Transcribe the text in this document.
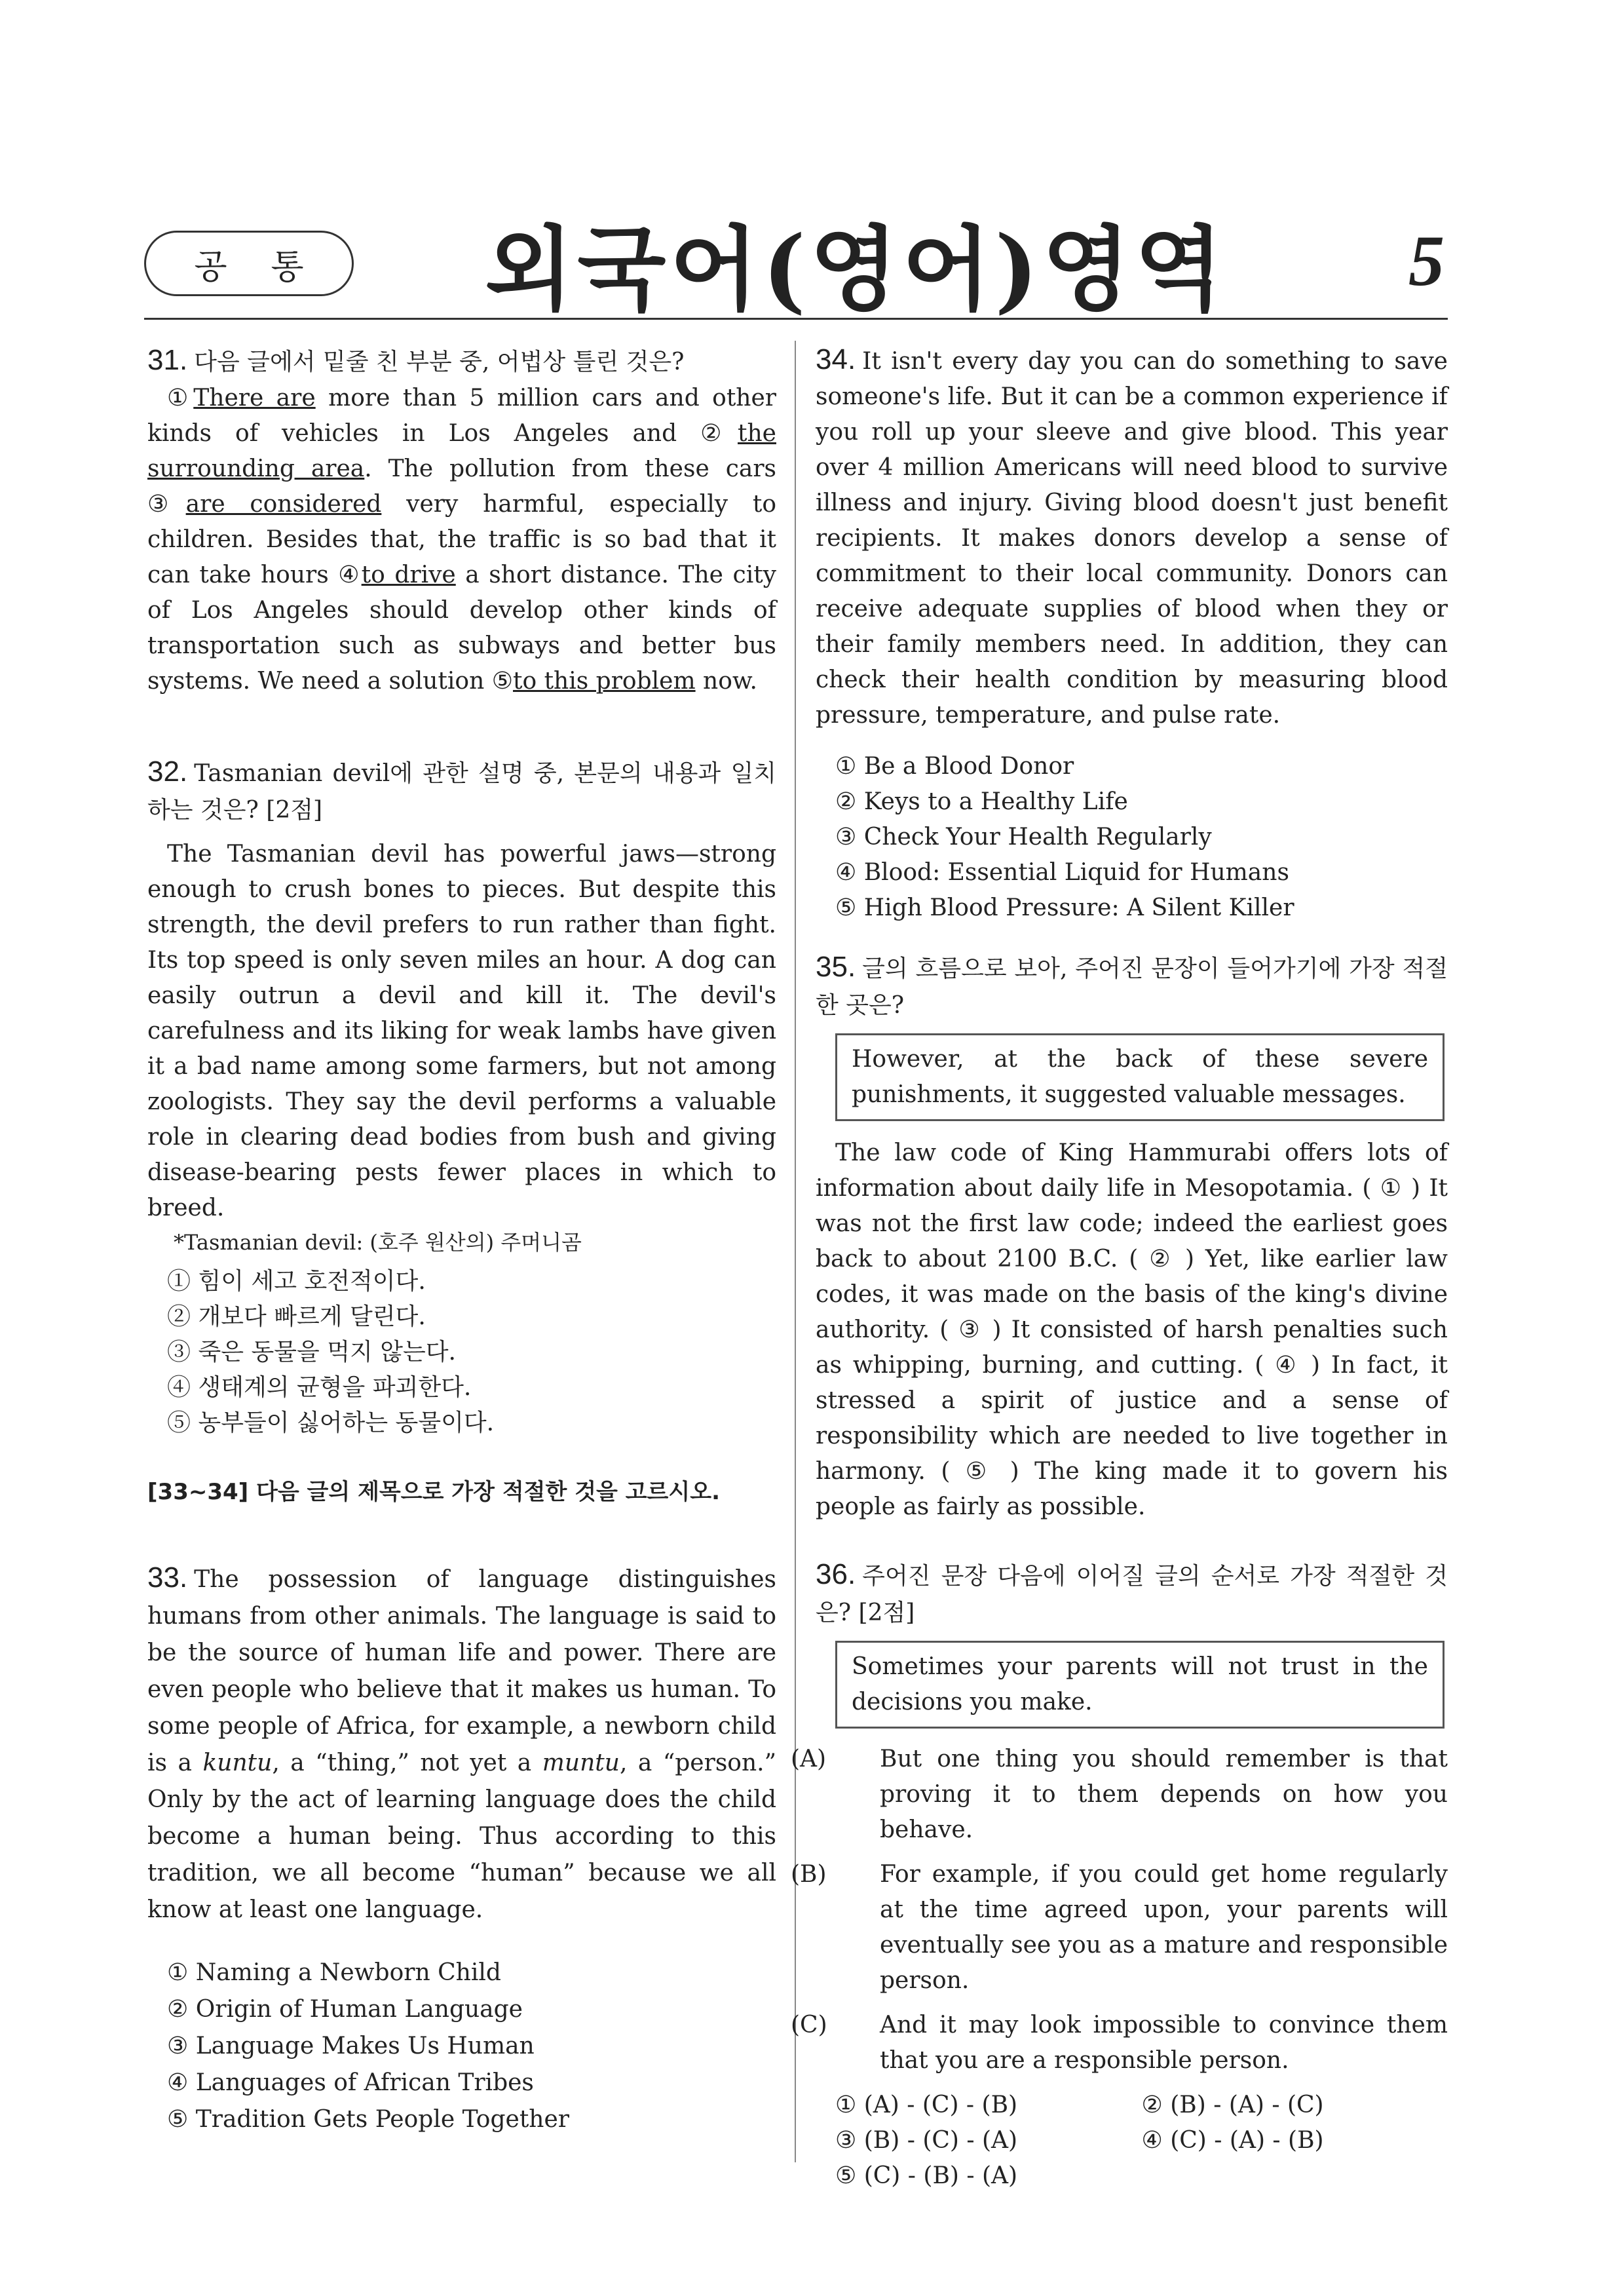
공 통 외국어(영어)영역	5
31. 다음 글에서 밑줄 친 부분 중, 어법상 틀린 것은?
①There are more than 5 million cars and other kinds of vehicles in Los Angeles and ②the surrounding area. The pollution from these cars ③are considered very harmful, especially to children. Besides that, the traffic is so bad that it can take hours ④to drive a short distance. The city of Los Angeles should develop other kinds of transportation such as subways and better bus systems. We need a solution ⑤to this problem now.
32. Tasmanian devil에 관한 설명 중, 본문의 내용과 일치하는 것은? [2점]
The Tasmanian devil has powerful jaws—strong enough to crush bones to pieces. But despite this strength, the devil prefers to run rather than fight. Its top speed is only seven miles an hour. A dog can easily outrun a devil and kill it. The devil's carefulness and its liking for weak lambs have given it a bad name among some farmers, but not among zoologists. They say the devil performs a valuable role in clearing dead bodies from bush and giving disease-bearing pests fewer places in which to breed.
*Tasmanian devil: (호주 원산의) 주머니곰
① 힘이 세고 호전적이다.
② 개보다 빠르게 달린다.
③ 죽은 동물을 먹지 않는다.
④ 생태계의 균형을 파괴한다.
⑤ 농부들이 싫어하는 동물이다.
[33~34] 다음 글의 제목으로 가장 적절한 것을 고르시오.
33. The possession of language distinguishes humans from other animals. The language is said to be the source of human life and power. There are even people who believe that it makes us human. To some people of Africa, for example, a newborn child is a kuntu, a “thing,” not yet a muntu, a “person.” Only by the act of learning language does the child become a human being. Thus according to this tradition, we all become “human” because we all know at least one language.
① Naming a Newborn Child
② Origin of Human Language
③ Language Makes Us Human
④ Languages of African Tribes
⑤ Tradition Gets People Together
34. It isn't every day you can do something to save someone's life. But it can be a common experience if you roll up your sleeve and give blood. This year over 4 million Americans will need blood to survive illness and injury. Giving blood doesn't just benefit recipients. It makes donors develop a sense of commitment to their local community. Donors can receive adequate supplies of blood when they or their family members need. In addition, they can check their health condition by measuring blood pressure, temperature, and pulse rate.
① Be a Blood Donor
② Keys to a Healthy Life
③ Check Your Health Regularly
④ Blood: Essential Liquid for Humans
⑤ High Blood Pressure: A Silent Killer
35. 글의 흐름으로 보아, 주어진 문장이 들어가기에 가장 적절한 곳은?
However, at the back of these severe punishments, it suggested valuable messages.
The law code of King Hammurabi offers lots of information about daily life in Mesopotamia. ( ① ) It was not the first law code; indeed the earliest goes back to about 2100 B.C. ( ② ) Yet, like earlier law codes, it was made on the basis of the king's divine authority. ( ③ ) It consisted of harsh penalties such as whipping, burning, and cutting. ( ④ ) In fact, it stressed a spirit of justice and a sense of responsibility which are needed to live together in harmony. ( ⑤ ) The king made it to govern his people as fairly as possible.
36. 주어진 문장 다음에 이어질 글의 순서로 가장 적절한 것은? [2점]
Sometimes your parents will not trust in the decisions you make.
(A) But one thing you should remember is that proving it to them depends on how you behave.
(B) For example, if you could get home regularly at the time agreed upon, your parents will eventually see you as a mature and responsible person.
(C) And it may look impossible to convince them that you are a responsible person.
① (A) - (C) - (B)	② (B) - (A) - (C)
③ (B) - (C) - (A)	④ (C) - (A) - (B)
⑤ (C) - (B) - (A)
